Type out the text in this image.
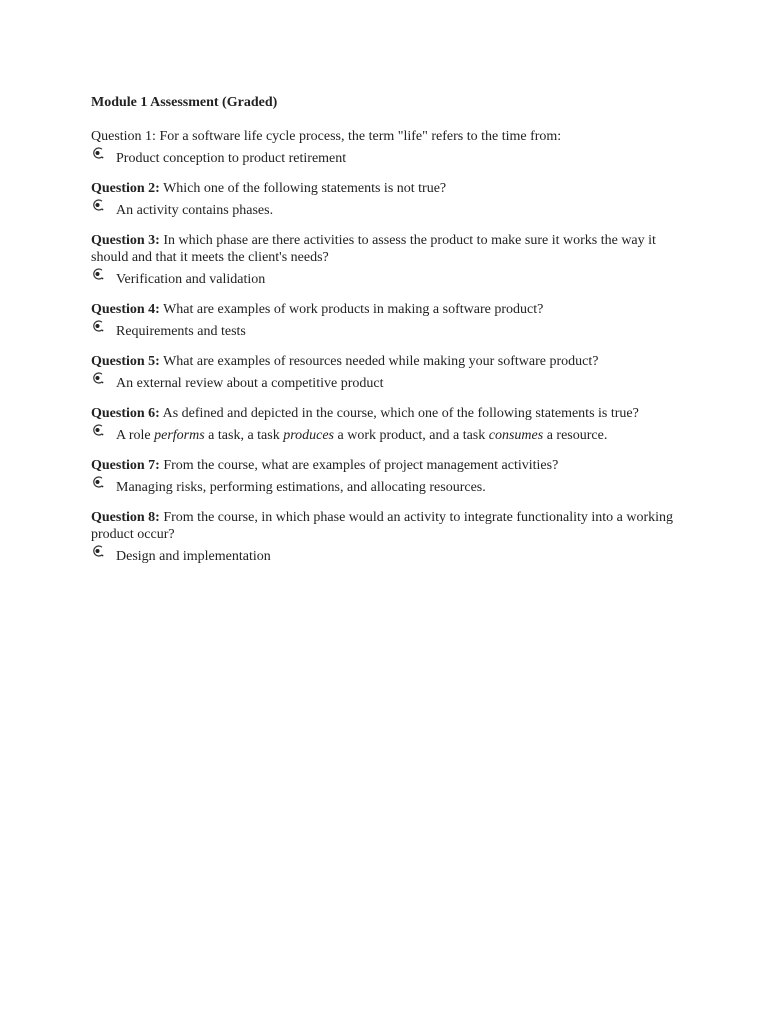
Module 1 Assessment (Graded)

Question 1: For a software life cycle process, the term "life" refers to the time from:

Product conception to product retirement

Question 2: Which one of the following statements is not true?

An activity contains phases.

Question 3: In which phase are there activities to assess the product to make sure it works the way it should and that it meets the client's needs?

Verification and validation

Question 4: What are examples of work products in making a software product?

Requirements and tests

Question 5: What are examples of resources needed while making your software product?

An external review about a competitive product

Question 6: As defined and depicted in the course, which one of the following statements is true?

A role performs a task, a task produces a work product, and a task consumes a resource.

Question 7: From the course, what are examples of project management activities?

Managing risks, performing estimations, and allocating resources.

Question 8: From the course, in which phase would an activity to integrate functionality into a working product occur?

Design and implementation
